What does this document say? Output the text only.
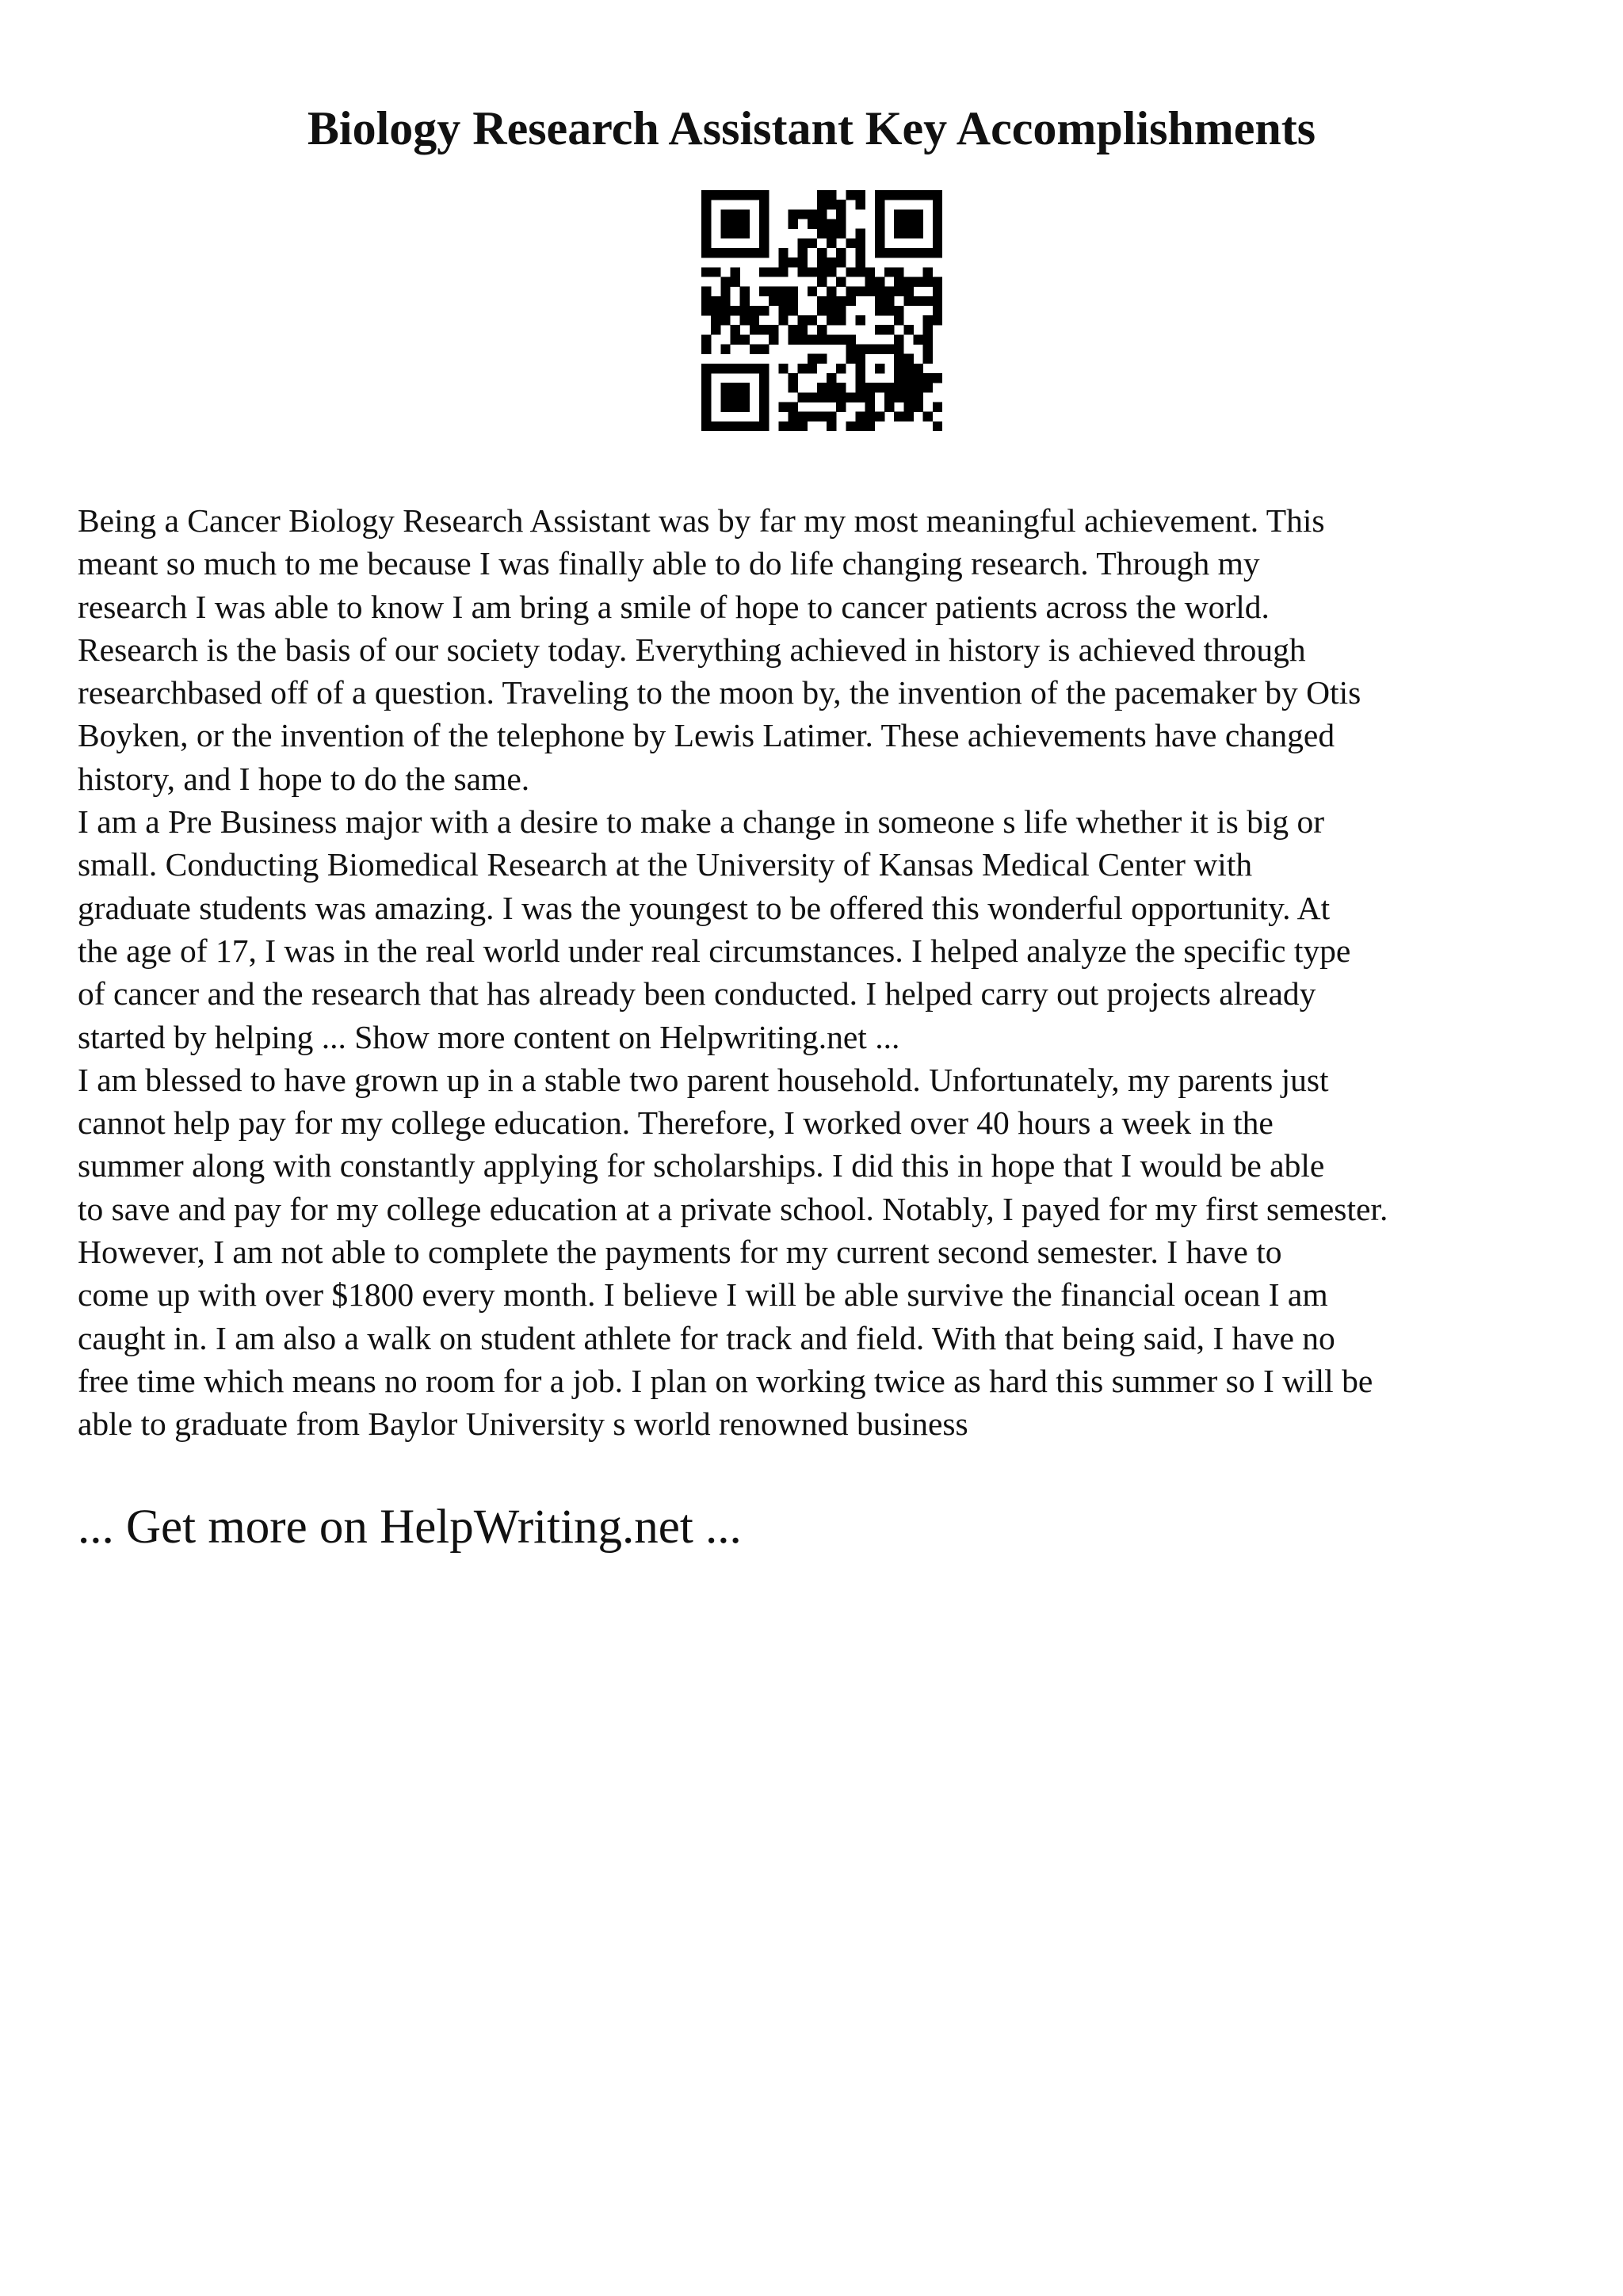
Biology Research Assistant Key Accomplishments

Being a Cancer Biology Research Assistant was by far my most meaningful achievement. This
meant so much to me because I was finally able to do life changing research. Through my
research I was able to know I am bring a smile of hope to cancer patients across the world.
Research is the basis of our society today. Everything achieved in history is achieved through
researchbased off of a question. Traveling to the moon by, the invention of the pacemaker by Otis
Boyken, or the invention of the telephone by Lewis Latimer. These achievements have changed
history, and I hope to do the same.

I am a Pre Business major with a desire to make a change in someone s life whether it is big or
small. Conducting Biomedical Research at the University of Kansas Medical Center with
graduate students was amazing. I was the youngest to be offered this wonderful opportunity. At
the age of 17, I was in the real world under real circumstances. I helped analyze the specific type
of cancer and the research that has already been conducted. I helped carry out projects already
started by helping ... Show more content on Helpwriting.net ...

I am blessed to have grown up in a stable two parent household. Unfortunately, my parents just
cannot help pay for my college education. Therefore, I worked over 40 hours a week in the
summer along with constantly applying for scholarships. I did this in hope that I would be able
to save and pay for my college education at a private school. Notably, I payed for my first semester.
However, I am not able to complete the payments for my current second semester. I have to
come up with over $1800 every month. I believe I will be able survive the financial ocean I am
caught in. I am also a walk on student athlete for track and field. With that being said, I have no
free time which means no room for a job. I plan on working twice as hard this summer so I will be
able to graduate from Baylor University s world renowned business

... Get more on HelpWriting.net ...
